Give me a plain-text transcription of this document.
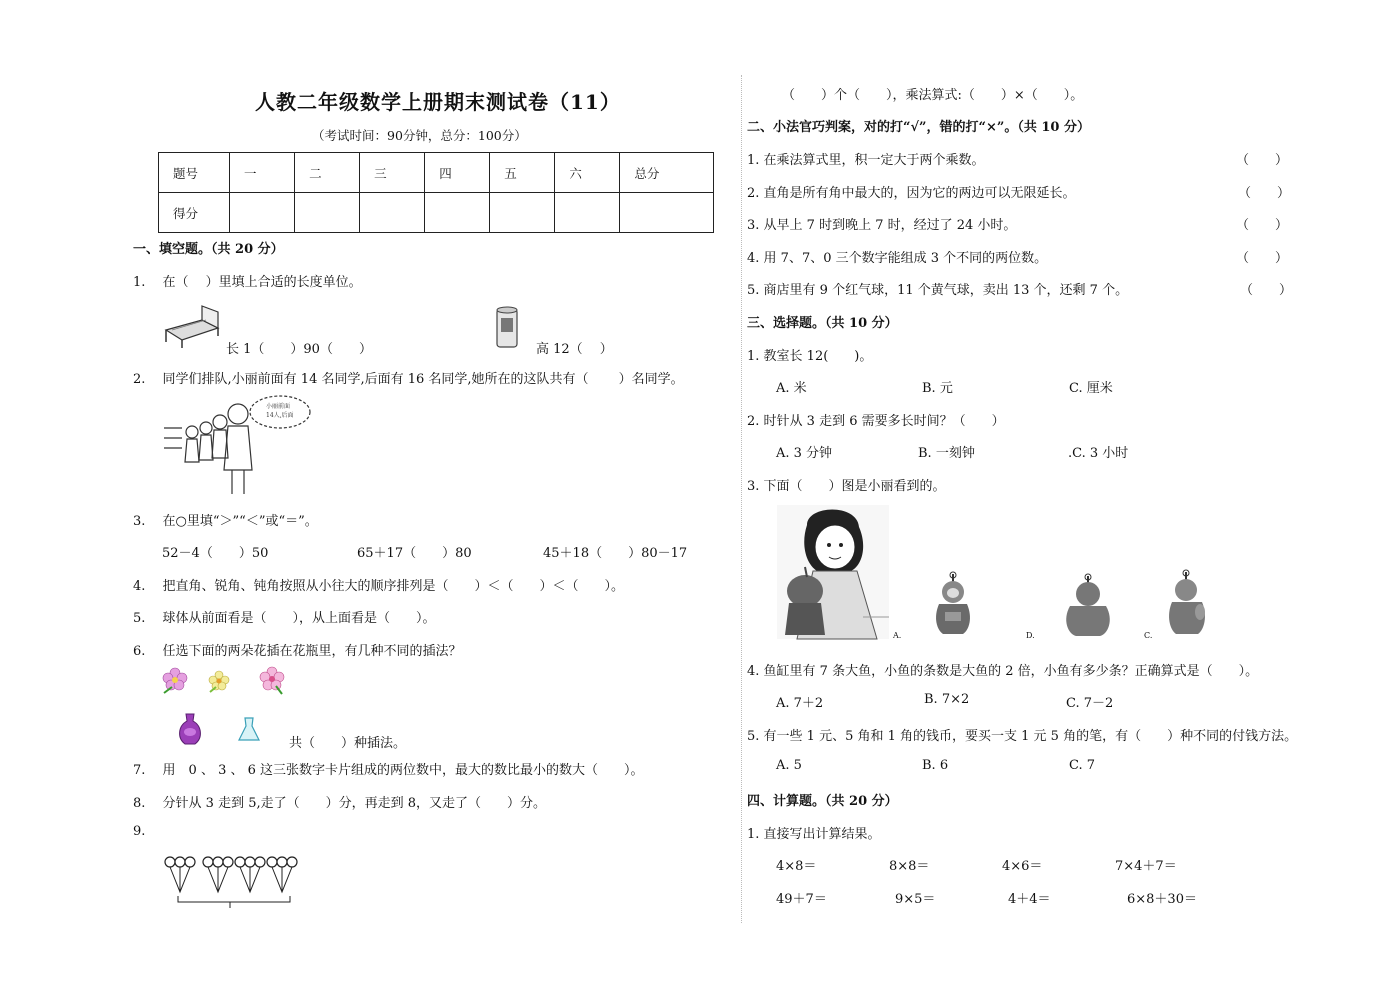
人教二年级数学上册期末测试卷（11）
（考试时间：90分钟，总分：100分）
题号	一	二	三	四	五	六	总分
得分							
一、填空题。（共 20 分）
1.　 在（　 ）里填上合适的长度单位。
长 1（　　）90（　　）	高 12（　 ）
2.　 同学们排队,小丽前面有 14 名同学,后面有 16 名同学,她所在的这队共有（　　 ）名同学。
小丽前面
14人,后面
3.　 在○里填“＞”“＜”或“＝”。
52－4（　　）50	65＋17（　　）80	45＋18（　　）80－17
4.　 把直角、锐角、钝角按照从小往大的顺序排列是（　　）＜（　　）＜（　　）。
5.　 球体从前面看是（　　），从上面看是（　　）。
6.　 任选下面的两朵花插在花瓶里，有几种不同的插法？
共（　　）种插法。
7.　 用　0 、 3 、 6 这三张数字卡片组成的两位数中，最大的数比最小的数大（　　）。
8.　 分针从 3 走到 5,走了（　　）分，再走到 8，又走了（　　）分。
9.
（　　）个（　　），乘法算式:（　　）×（　　）。
二、小法官巧判案，对的打“√”，错的打“×”。（共 10 分）
1. 在乘法算式里，积一定大于两个乘数。	（　　）
2. 直角是所有角中最大的，因为它的两边可以无限延长。	（　　）
3. 从早上 7 时到晚上 7 时，经过了 24 小时。	（　　）
4. 用 7、7、0 三个数字能组成 3 个不同的两位数。	（　　）
5. 商店里有 9 个红气球，11 个黄气球，卖出 13 个，还剩 7 个。	（　　）
三、选择题。（共 10 分）
1. 教室长 12(　　)。
A. 米	B. 元	C. 厘米
2. 时针从 3 走到 6 需要多长时间？（　　）
A. 3 分钟	B. 一刻钟	.C. 3 小时
3. 下面（　　）图是小丽看到的。
A.	D.	C.
4. 鱼缸里有 7 条大鱼，小鱼的条数是大鱼的 2 倍，小鱼有多少条？正确算式是（　　）。
A. 7＋2	B. 7×2	C. 7－2
5. 有一些 1 元、5 角和 1 角的钱币，要买一支 1 元 5 角的笔，有（　　）种不同的付钱方法。
A. 5	B. 6	C. 7
四、计算题。（共 20 分）
1. 直接写出计算结果。
4×8＝	8×8＝	4×6＝	7×4＋7＝
49＋7＝	9×5＝	4＋4＝	6×8＋30＝
